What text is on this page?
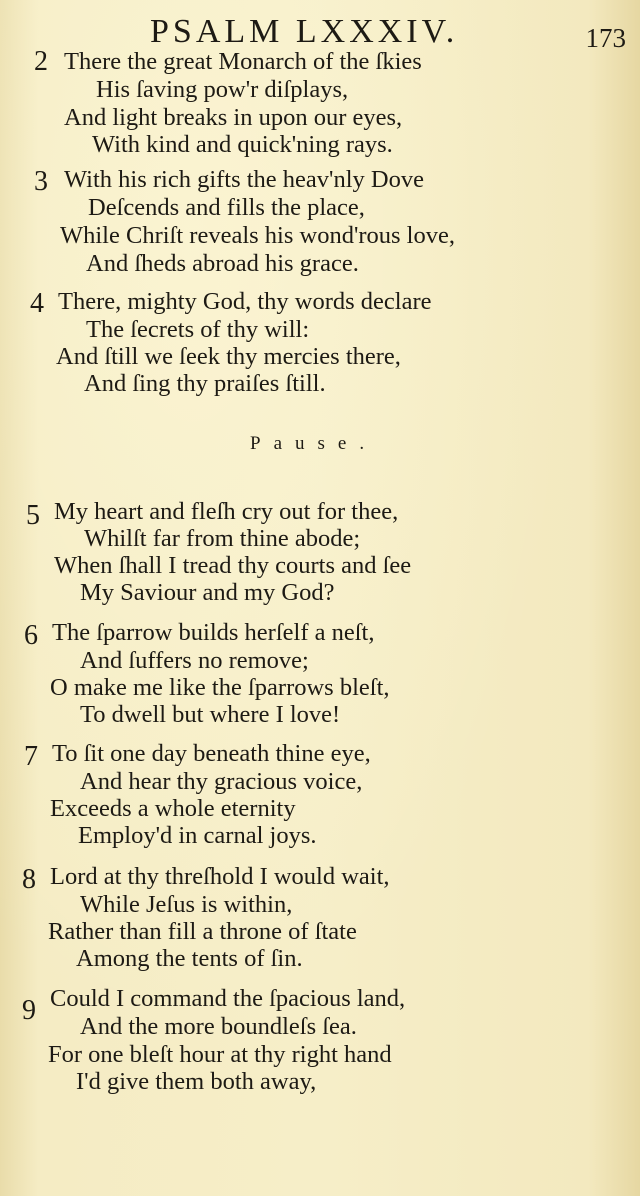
PSALM LXXXIV.	173
2 There the great Monarch of the ſkies
His ſaving pow'r diſplays,
And light breaks in upon our eyes,
With kind and quick'ning rays.
3 With his rich gifts the heav'nly Dove
Deſcends and fills the place,
While Chriſt reveals his wond'rous love,
And ſheds abroad his grace.
4 There, mighty God, thy words declare
The ſecrets of thy will:
And ſtill we ſeek thy mercies there,
And ſing thy praiſes ſtill.
Pause.
5 My heart and fleſh cry out for thee,
Whilſt far from thine abode;
When ſhall I tread thy courts and ſee
My Saviour and my God?
6 The ſparrow builds herſelf a neſt,
And ſuffers no remove;
O make me like the ſparrows bleſt,
To dwell but where I love!
7 To ſit one day beneath thine eye,
And hear thy gracious voice,
Exceeds a whole eternity
Employ'd in carnal joys.
8 Lord at thy threſhold I would wait,
While Jeſus is within,
Rather than fill a throne of ſtate
Among the tents of ſin.
9 Could I command the ſpacious land,
And the more boundleſs ſea.
For one bleſt hour at thy right hand
I'd give them both away,
